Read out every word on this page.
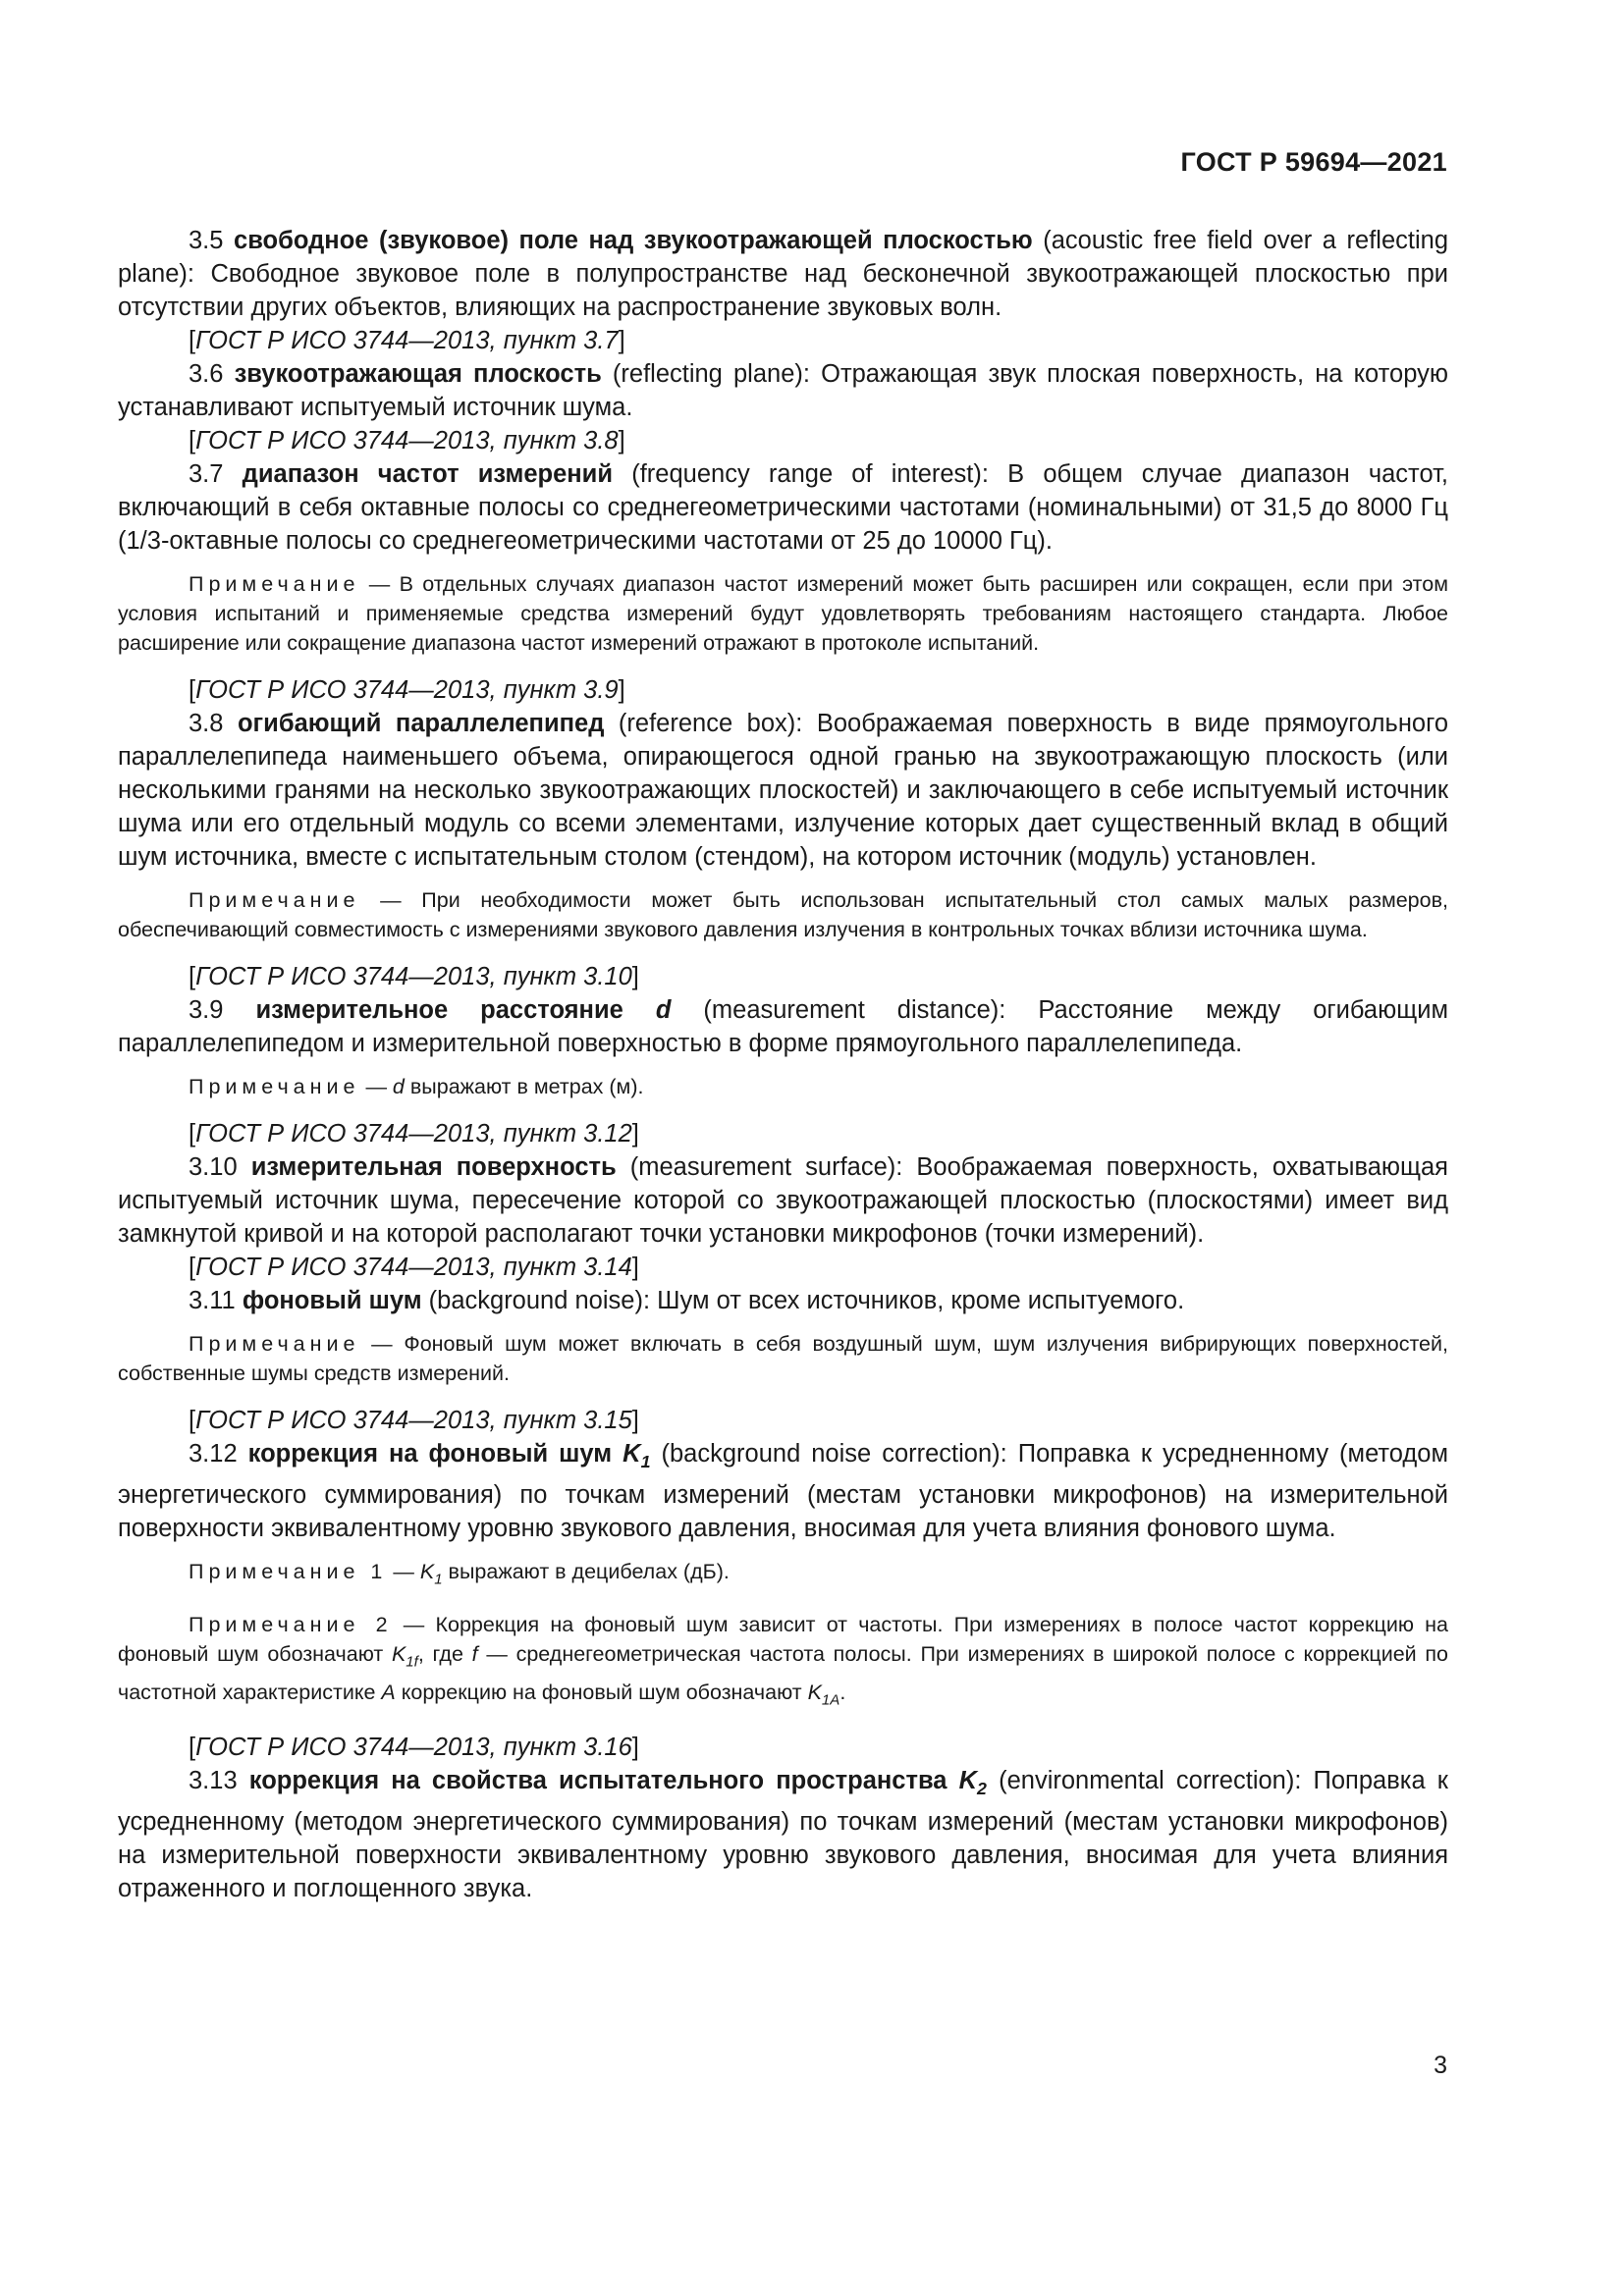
ГОСТ Р 59694—2021

3.5 свободное (звуковое) поле над звукоотражающей плоскостью (acoustic free field over a reflecting plane): Свободное звуковое поле в полупространстве над бесконечной звукоотражающей плоскостью при отсутствии других объектов, влияющих на распространение звуковых волн.

[ГОСТ Р ИСО 3744—2013, пункт 3.7]

3.6 звукоотражающая плоскость (reflecting plane): Отражающая звук плоская поверхность, на которую устанавливают испытуемый источник шума.

[ГОСТ Р ИСО 3744—2013, пункт 3.8]

3.7 диапазон частот измерений (frequency range of interest): В общем случае диапазон частот, включающий в себя октавные полосы со среднегеометрическими частотами (номинальными) от 31,5 до 8000 Гц (1/3-октавные полосы со среднегеометрическими частотами от 25 до 10000 Гц).

Примечание — В отдельных случаях диапазон частот измерений может быть расширен или сокращен, если при этом условия испытаний и применяемые средства измерений будут удовлетворять требованиям настоящего стандарта. Любое расширение или сокращение диапазона частот измерений отражают в протоколе испытаний.

[ГОСТ Р ИСО 3744—2013, пункт 3.9]

3.8 огибающий параллелепипед (reference box): Воображаемая поверхность в виде прямоугольного параллелепипеда наименьшего объема, опирающегося одной гранью на звукоотражающую плоскость (или несколькими гранями на несколько звукоотражающих плоскостей) и заключающего в себе испытуемый источник шума или его отдельный модуль со всеми элементами, излучение которых дает существенный вклад в общий шум источника, вместе с испытательным столом (стендом), на котором источник (модуль) установлен.

Примечание — При необходимости может быть использован испытательный стол самых малых размеров, обеспечивающий совместимость с измерениями звукового давления излучения в контрольных точках вблизи источника шума.

[ГОСТ Р ИСО 3744—2013, пункт 3.10]

3.9 измерительное расстояние d (measurement distance): Расстояние между огибающим параллелепипедом и измерительной поверхностью в форме прямоугольного параллелепипеда.

Примечание — d выражают в метрах (м).

[ГОСТ Р ИСО 3744—2013, пункт 3.12]

3.10 измерительная поверхность (measurement surface): Воображаемая поверхность, охватывающая испытуемый источник шума, пересечение которой со звукоотражающей плоскостью (плоскостями) имеет вид замкнутой кривой и на которой располагают точки установки микрофонов (точки измерений).

[ГОСТ Р ИСО 3744—2013, пункт 3.14]

3.11 фоновый шум (background noise): Шум от всех источников, кроме испытуемого.

Примечание — Фоновый шум может включать в себя воздушный шум, шум излучения вибрирующих поверхностей, собственные шумы средств измерений.

[ГОСТ Р ИСО 3744—2013, пункт 3.15]

3.12 коррекция на фоновый шум $K_1$ (background noise correction): Поправка к усредненному (методом энергетического суммирования) по точкам измерений (местам установки микрофонов) на измерительной поверхности эквивалентному уровню звукового давления, вносимая для учета влияния фонового шума.

Примечание 1 — $K_1$ выражают в децибелах (дБ).

Примечание 2 — Коррекция на фоновый шум зависит от частоты. При измерениях в полосе частот коррекцию на фоновый шум обозначают $K_{1f}$, где f — среднегеометрическая частота полосы. При измерениях в широкой полосе с коррекцией по частотной характеристике A коррекцию на фоновый шум обозначают $K_{1A}$.

[ГОСТ Р ИСО 3744—2013, пункт 3.16]

3.13 коррекция на свойства испытательного пространства $K_2$ (environmental correction): Поправка к усредненному (методом энергетического суммирования) по точкам измерений (местам установки микрофонов) на измерительной поверхности эквивалентному уровню звукового давления, вносимая для учета влияния отраженного и поглощенного звука.

3
